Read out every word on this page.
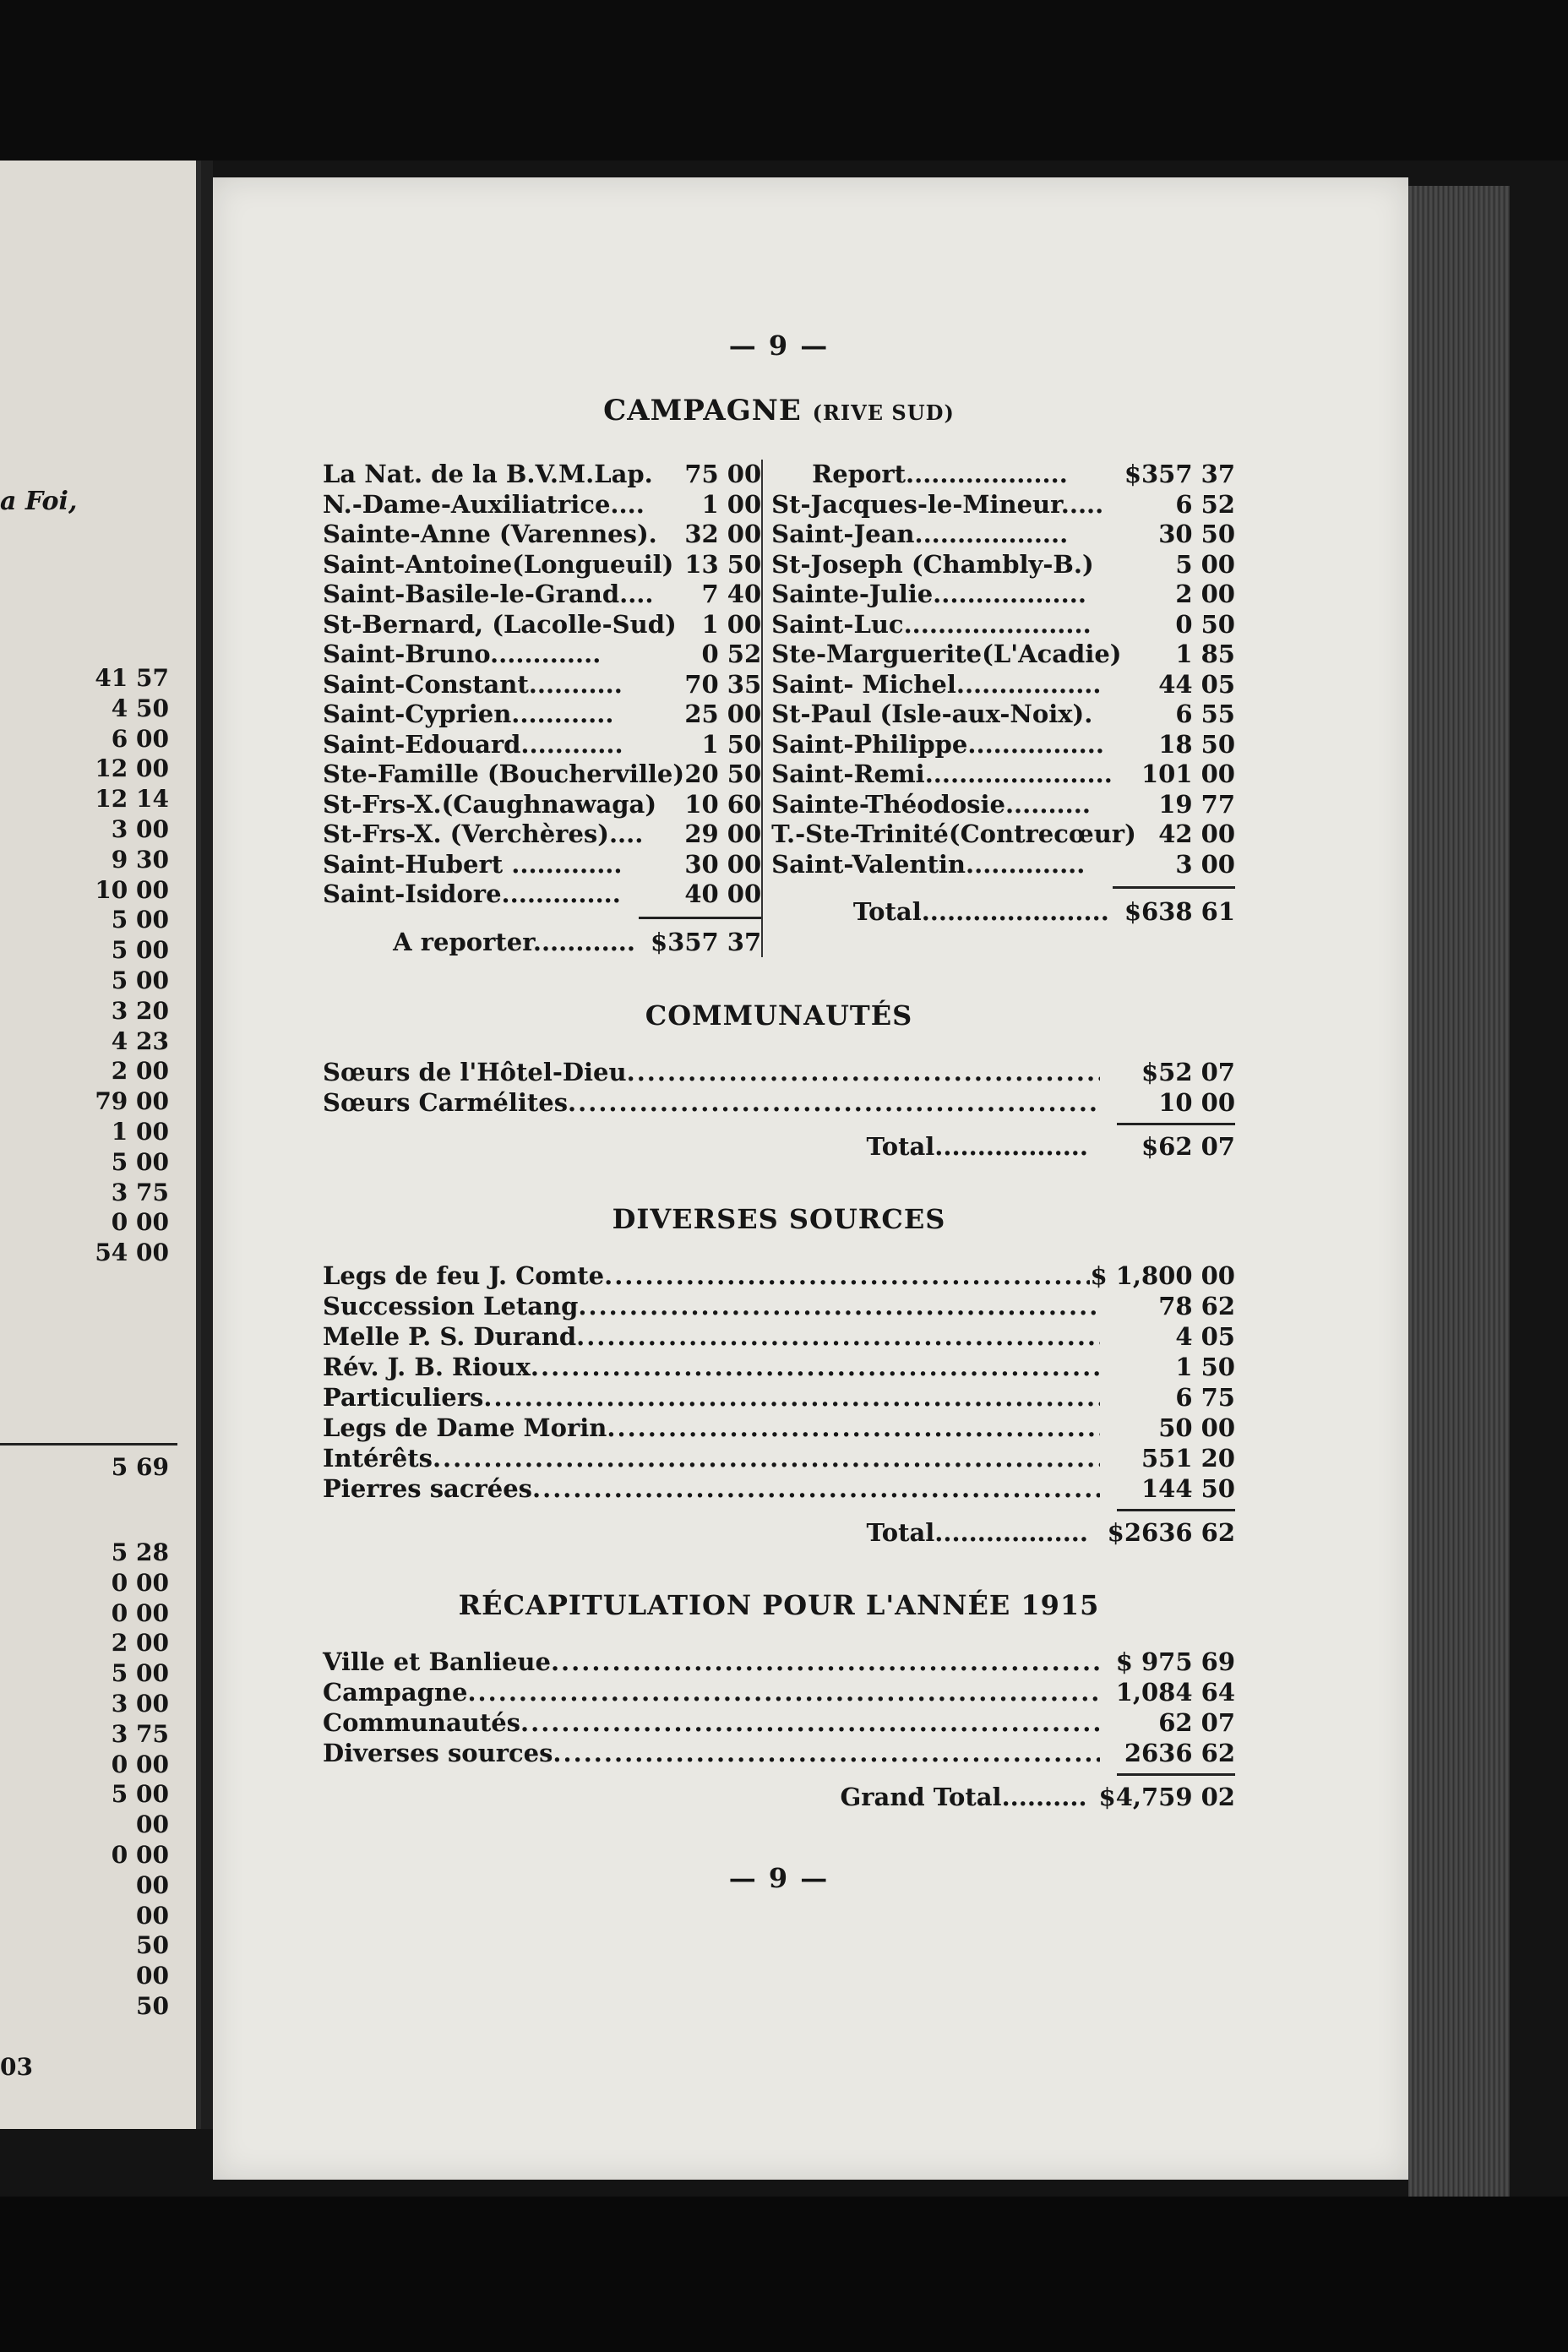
a Foi,
41 57
4 50
6 00
12 00
12 14
3 00
9 30
10 00
5 00
5 00
5 00
3 20
4 23
2 00
79 00
1 00
5 00
3 75
0 00
54 00
5 69
5 28
0 00
0 00
2 00
5 00
3 00
3 75
0 00
5 00
00
0 00
00
00
50
00
50
03
— 9 —
CAMPAGNE (RIVE SUD)
La Nat. de la B.V.M.Lap. 75 00
N.-Dame-Auxiliatrice....	1 00
Sainte-Anne (Varennes). 32 00
Saint-Antoine(Longueuil) 13 50
Saint-Basile-le-Grand....	7 40
St-Bernard, (Lacolle-Sud)	1 00
Saint-Bruno.............	0 52
Saint-Constant...........	70 35
Saint-Cyprien............	25 00
Saint-Edouard............	1 50
Ste-Famille (Boucherville) 20 50
St-Frs-X.(Caughnawaga) 10 60
St-Frs-X. (Verchères).... 29 00
Saint-Hubert .............	30 00
Saint-Isidore..............	40 00
A reporter............ $357 37
Report................... $357 37
St-Jacques-le-Mineur.....	6 52
Saint-Jean..................	30 50
St-Joseph (Chambly-B.)	5 00
Sainte-Julie..................	2 00
Saint-Luc......................	0 50
Ste-Marguerite(L'Acadie)	1 85
Saint- Michel................. 44 05
St-Paul (Isle-aux-Noix).	6 55
Saint-Philippe................ 18 50
Saint-Remi...................... 101 00
Sainte-Théodosie..........	19 77
T.-Ste-Trinité(Contrecœur) 42 00
Saint-Valentin..............	3 00
Total...................... $638 61
COMMUNAUTÉS
Sœurs de l'Hôtel-Dieu .....	$52 07
Sœurs Carmélites .....	10 00
Total..................	$62 07
DIVERSES SOURCES
Legs de feu J. Comte .....	$ 1,800 00
Succession Letang .....	78 62
Melle P. S. Durand .....	4 05
Rév. J. B. Rioux .....	1 50
Particuliers .....	6 75
Legs de Dame Morin .....	50 00
Intérêts .....	551 20
Pierres sacrées .....	144 50
Total.................. $2636 62
RÉCAPITULATION POUR L'ANNÉE 1915
Ville et Banlieue .....	$ 975 69
Campagne .....	1,084 64
Communautés .....	62 07
Diverses sources .....	2636 62
Grand Total.......... $4,759 02
— 9 —
